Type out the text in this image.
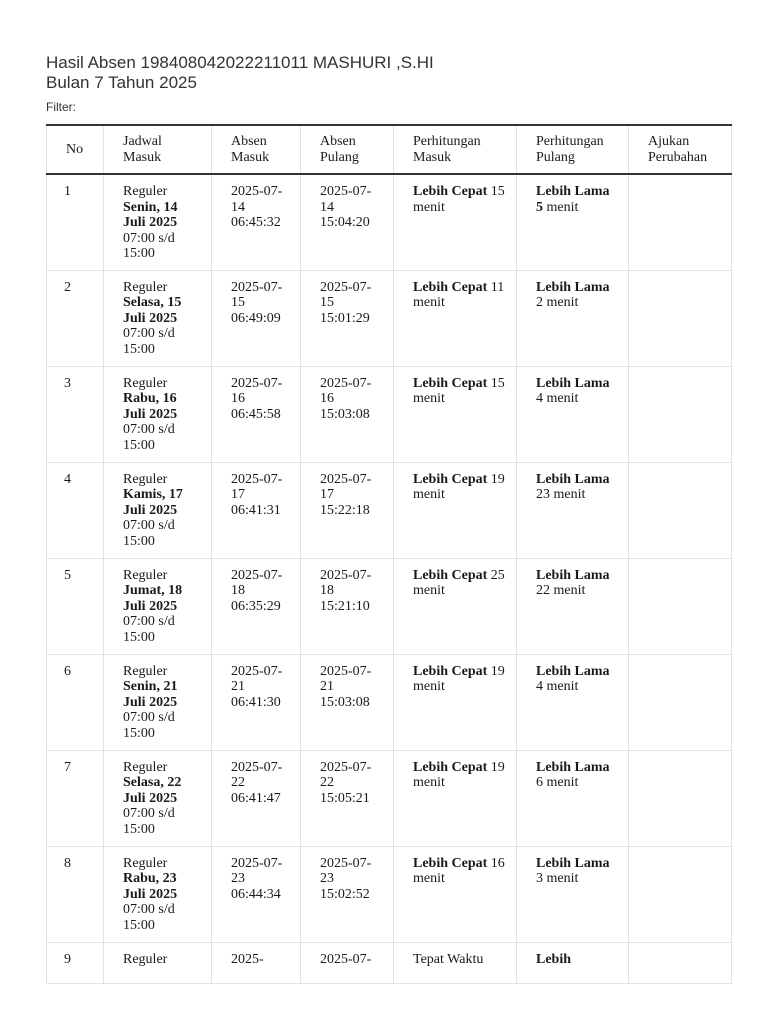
Hasil Absen 198408042022211011 MASHURI ,S.HI
Bulan 7 Tahun 2025
Filter:
No	Jadwal Masuk	Absen Masuk	Absen Pulang	Perhitungan Masuk	Perhitungan Pulang	Ajukan Perubahan
1	Reguler
Senin, 14 Juli 2025
07:00 s/d 15:00	2025-07-14 06:45:32	2025-07-14 15:04:20	Lebih Cepat 15 menit	Lebih Lama 5 menit	
2	Reguler
Selasa, 15 Juli 2025
07:00 s/d 15:00	2025-07-15 06:49:09	2025-07-15 15:01:29	Lebih Cepat 11 menit	Lebih Lama 2 menit	
3	Reguler
Rabu, 16 Juli 2025
07:00 s/d 15:00	2025-07-16 06:45:58	2025-07-16 15:03:08	Lebih Cepat 15 menit	Lebih Lama 4 menit	
4	Reguler
Kamis, 17 Juli 2025
07:00 s/d 15:00	2025-07-17 06:41:31	2025-07-17 15:22:18	Lebih Cepat 19 menit	Lebih Lama 23 menit	
5	Reguler
Jumat, 18 Juli 2025
07:00 s/d 15:00	2025-07-18 06:35:29	2025-07-18 15:21:10	Lebih Cepat 25 menit	Lebih Lama 22 menit	
6	Reguler
Senin, 21 Juli 2025
07:00 s/d 15:00	2025-07-21 06:41:30	2025-07-21 15:03:08	Lebih Cepat 19 menit	Lebih Lama 4 menit	
7	Reguler
Selasa, 22 Juli 2025
07:00 s/d 15:00	2025-07-22 06:41:47	2025-07-22 15:05:21	Lebih Cepat 19 menit	Lebih Lama 6 menit	
8	Reguler
Rabu, 23 Juli 2025
07:00 s/d 15:00	2025-07-23 06:44:34	2025-07-23 15:02:52	Lebih Cepat 16 menit	Lebih Lama 3 menit	
9	Reguler	2025-	2025-07-	Tepat Waktu	Lebih	
